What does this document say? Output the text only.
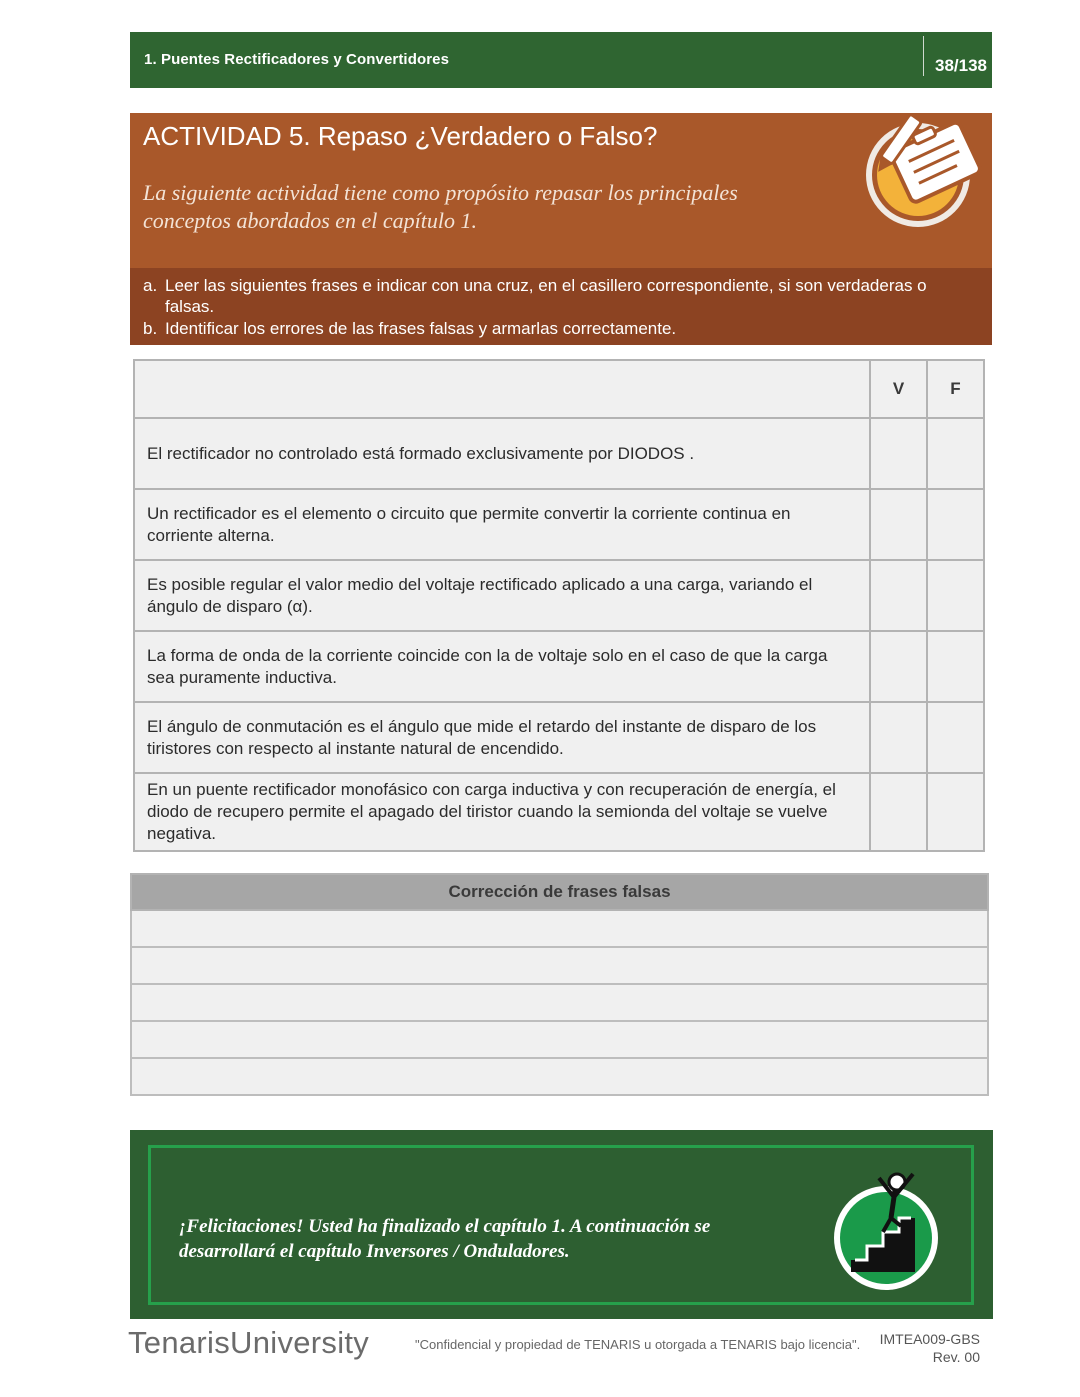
1. Puentes Rectificadores y Convertidores	38/138
ACTIVIDAD 5. Repaso ¿Verdadero o Falso?
La siguiente actividad tiene como propósito repasar los principales conceptos abordados en el capítulo 1.
a. Leer las siguientes frases e indicar con una cruz, en el casillero correspondiente, si son verdaderas o falsas.
b. Identificar los errores de las frases falsas y armarlas correctamente.
	V	F
El rectificador no controlado está formado exclusivamente por DIODOS .		
Un rectificador es el elemento o circuito que permite convertir la corriente continua en corriente alterna.		
Es posible regular el valor medio del voltaje rectificado aplicado a una carga, variando el ángulo de disparo (α).		
La forma de onda de la corriente coincide con la de voltaje solo en el caso de que la carga sea puramente inductiva.		
El ángulo de conmutación es el ángulo que mide el retardo del instante de disparo de los tiristores con respecto al instante natural de encendido.		
En un puente rectificador monofásico con carga inductiva y con recuperación de energía, el diodo de recupero permite el apagado del tiristor cuando la semionda del voltaje se vuelve negativa.		
Corrección de frases falsas

¡Felicitaciones! Usted ha finalizado el capítulo 1. A continuación se desarrollará el capítulo Inversores / Onduladores.
TenarisUniversity	"Confidencial y propiedad de TENARIS u otorgada a TENARIS bajo licencia".	IMTEA009-GBS
Rev. 00
